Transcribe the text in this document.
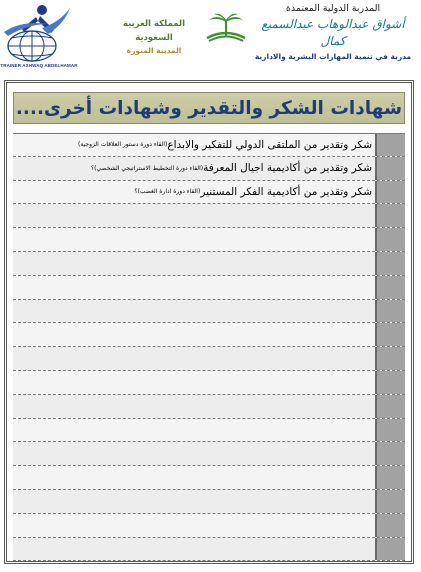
TRAINER ASHWAQ ABDELHAMAR
المملكة العربية السعودية
المدينة المنورة
المدربة الدولية المعتمدة
أشواق عبدالوهاب عبدالسميع كمال
مدربة في تنمية المهارات البشرية والادارية
شهادات الشكر والتقدير وشهادات أخرى....
شكر وتقدير من الملتقى الدولي للتفكير والابداع
(القاء دورة دستور العلاقات الزوجية)
شكر وتقدير من أكاديمية اجيال المعرفة
(القاء دورة التخطيط الاستراتيجي الشخصي)؟
شكر وتقدير من أكاديمية الفكر المستنير
(القاء دورة ادارة الغضب)؟
